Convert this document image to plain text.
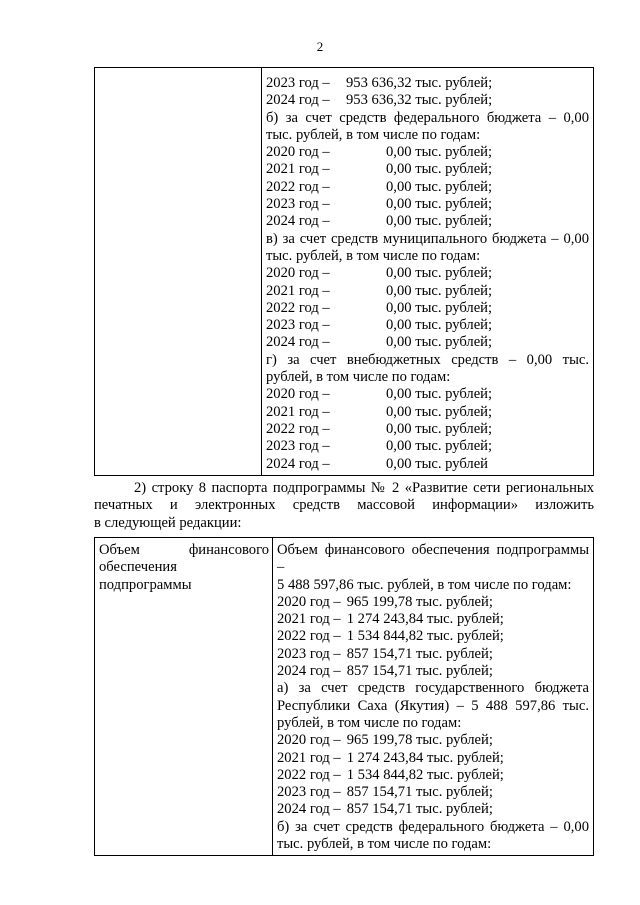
2

2023 год – 953 636,32 тыс. рублей;
2024 год – 953 636,32 тыс. рублей;
б) за счет средств федерального бюджета – 0,00
тыс. рублей, в том числе по годам:
2020 год –	0,00 тыс. рублей;
2021 год –	0,00 тыс. рублей;
2022 год –	0,00 тыс. рублей;
2023 год –	0,00 тыс. рублей;
2024 год –	0,00 тыс. рублей;
в) за счет средств муниципального бюджета – 0,00
тыс. рублей, в том числе по годам:
2020 год –	0,00 тыс. рублей;
2021 год –	0,00 тыс. рублей;
2022 год –	0,00 тыс. рублей;
2023 год –	0,00 тыс. рублей;
2024 год –	0,00 тыс. рублей;
г) за счет внебюджетных средств – 0,00 тыс.
рублей, в том числе по годам:
2020 год –	0,00 тыс. рублей;
2021 год –	0,00 тыс. рублей;
2022 год –	0,00 тыс. рублей;
2023 год –	0,00 тыс. рублей;
2024 год –	0,00 тыс. рублей
2) строку 8 паспорта подпрограммы № 2 «Развитие сети региональных
печатных и электронных средств массовой информации» изложить
в следующей редакции:
Объем финансового
обеспечения
подпрограммы

Объем финансового обеспечения подпрограммы –
5 488 597,86 тыс. рублей, в том числе по годам:
2020 год – 965 199,78 тыс. рублей;
2021 год – 1 274 243,84 тыс. рублей;
2022 год – 1 534 844,82 тыс. рублей;
2023 год – 857 154,71 тыс. рублей;
2024 год – 857 154,71 тыс. рублей;
а) за счет средств государственного бюджета
Республики Саха (Якутия) – 5 488 597,86 тыс.
рублей, в том числе по годам:
2020 год – 965 199,78 тыс. рублей;
2021 год – 1 274 243,84 тыс. рублей;
2022 год – 1 534 844,82 тыс. рублей;
2023 год – 857 154,71 тыс. рублей;
2024 год – 857 154,71 тыс. рублей;
б) за счет средств федерального бюджета – 0,00
тыс. рублей, в том числе по годам:
